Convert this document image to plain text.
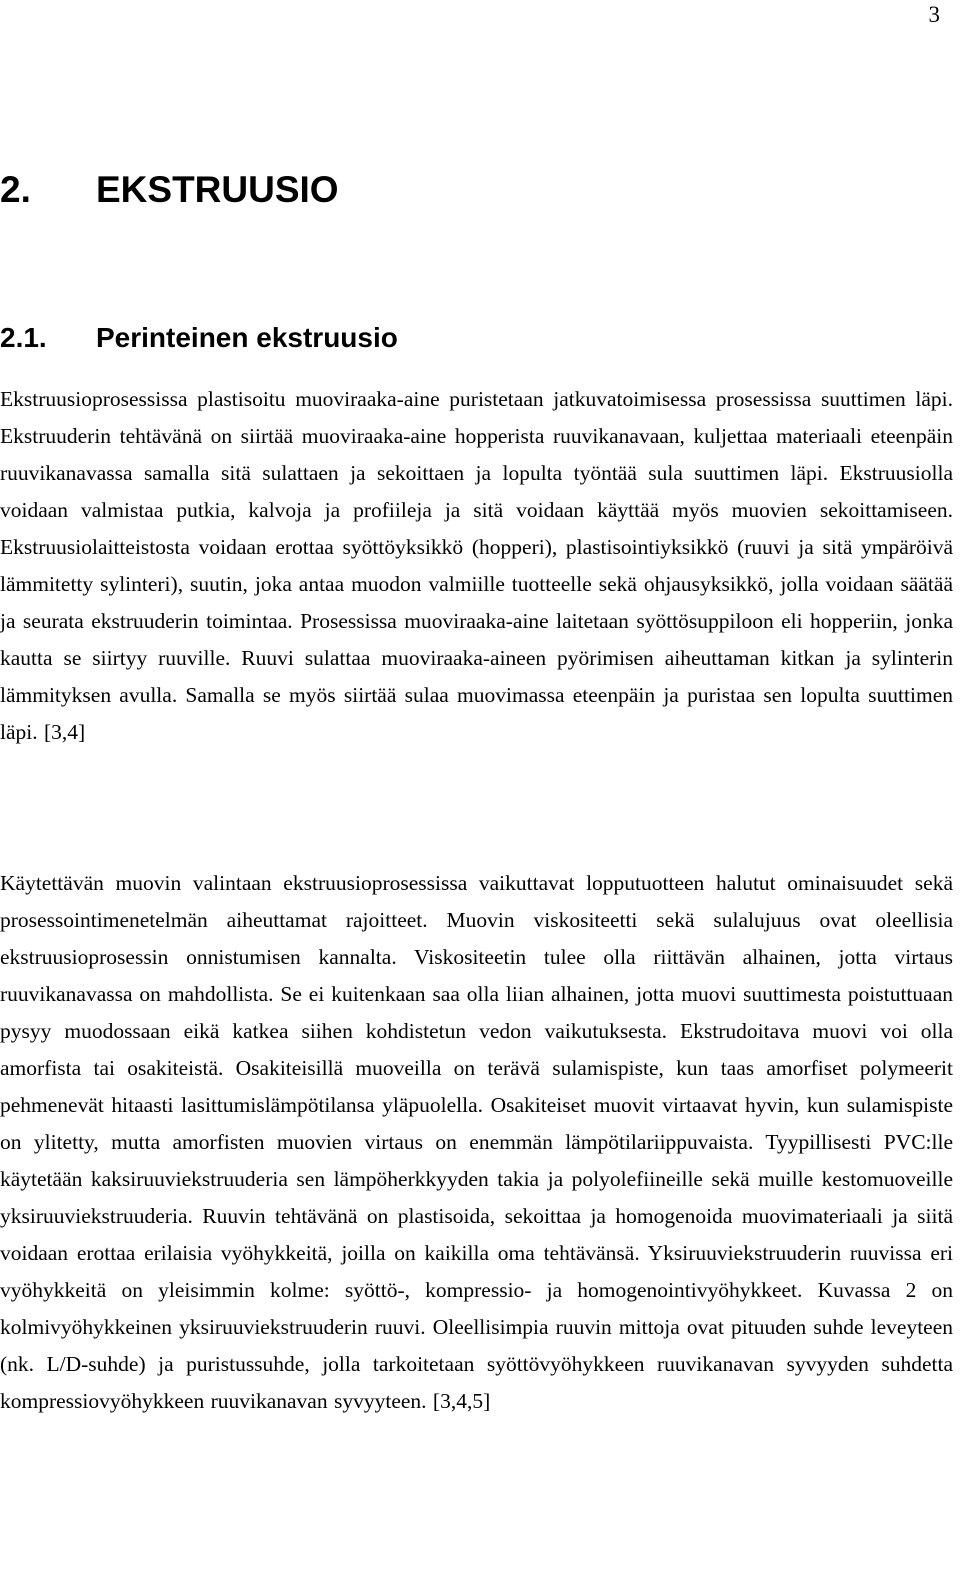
3
2. EKSTRUUSIO
2.1. Perinteinen ekstruusio

Ekstruusioprosessissa plastisoitu muoviraaka-aine puristetaan jatkuvatoimisessa prosessissa suuttimen läpi. Ekstruuderin tehtävänä on siirtää muoviraaka-aine hopperista ruuvikanavaan, kuljettaa materiaali eteenpäin ruuvikanavassa samalla sitä sulattaen ja sekoittaen ja lopulta työntää sula suuttimen läpi. Ekstruusiolla voidaan valmistaa putkia, kalvoja ja profiileja ja sitä voidaan käyttää myös muovien sekoittamiseen. Ekstruusiolaitteistosta voidaan erottaa syöttöyksikkö (hopperi), plastisointiyksikkö (ruuvi ja sitä ympäröivä lämmitetty sylinteri), suutin, joka antaa muodon valmiille tuotteelle sekä ohjausyksikkö, jolla voidaan säätää ja seurata ekstruuderin toimintaa. Prosessissa muoviraaka-aine laitetaan syöttösuppiloon eli hopperiin, jonka kautta se siirtyy ruuville. Ruuvi sulattaa muoviraaka-aineen pyörimisen aiheuttaman kitkan ja sylinterin lämmityksen avulla. Samalla se myös siirtää sulaa muovimassa eteenpäin ja puristaa sen lopulta suuttimen läpi. [3,4]

Käytettävän muovin valintaan ekstruusioprosessissa vaikuttavat lopputuotteen halutut ominaisuudet sekä prosessointimenetelmän aiheuttamat rajoitteet. Muovin viskositeetti sekä sulalujuus ovat oleellisia ekstruusioprosessin onnistumisen kannalta. Viskositeetin tulee olla riittävän alhainen, jotta virtaus ruuvikanavassa on mahdollista. Se ei kuitenkaan saa olla liian alhainen, jotta muovi suuttimesta poistuttuaan pysyy muodossaan eikä katkea siihen kohdistetun vedon vaikutuksesta. Ekstrudoitava muovi voi olla amorfista tai osakiteistä. Osakiteisillä muoveilla on terävä sulamispiste, kun taas amorfiset polymeerit pehmenevät hitaasti lasittumislämpötilansa yläpuolella. Osakiteiset muovit virtaavat hyvin, kun sulamispiste on ylitetty, mutta amorfisten muovien virtaus on enemmän lämpötilariippuvaista. Tyypillisesti PVC:lle käytetään kaksiruuviekstruuderia sen lämpöherkkyyden takia ja polyolefiineille sekä muille kestomuoveille yksiruuviekstruuderia. Ruuvin tehtävänä on plastisoida, sekoittaa ja homogenoida muovimateriaali ja siitä voidaan erottaa erilaisia vyöhykkeitä, joilla on kaikilla oma tehtävänsä. Yksiruuviekstruuderin ruuvissa eri vyöhykkeitä on yleisimmin kolme: syöttö-, kompressio- ja homogenointivyöhykkeet. Kuvassa 2 on kolmivyöhykkeinen yksiruuviekstruuderin ruuvi. Oleellisimpia ruuvin mittoja ovat pituuden suhde leveyteen (nk. L/D-suhde) ja puristussuhde, jolla tarkoitetaan syöttövyöhykkeen ruuvikanavan syvyyden suhdetta kompressiovyöhykkeen ruuvikanavan syvyyteen. [3,4,5]
